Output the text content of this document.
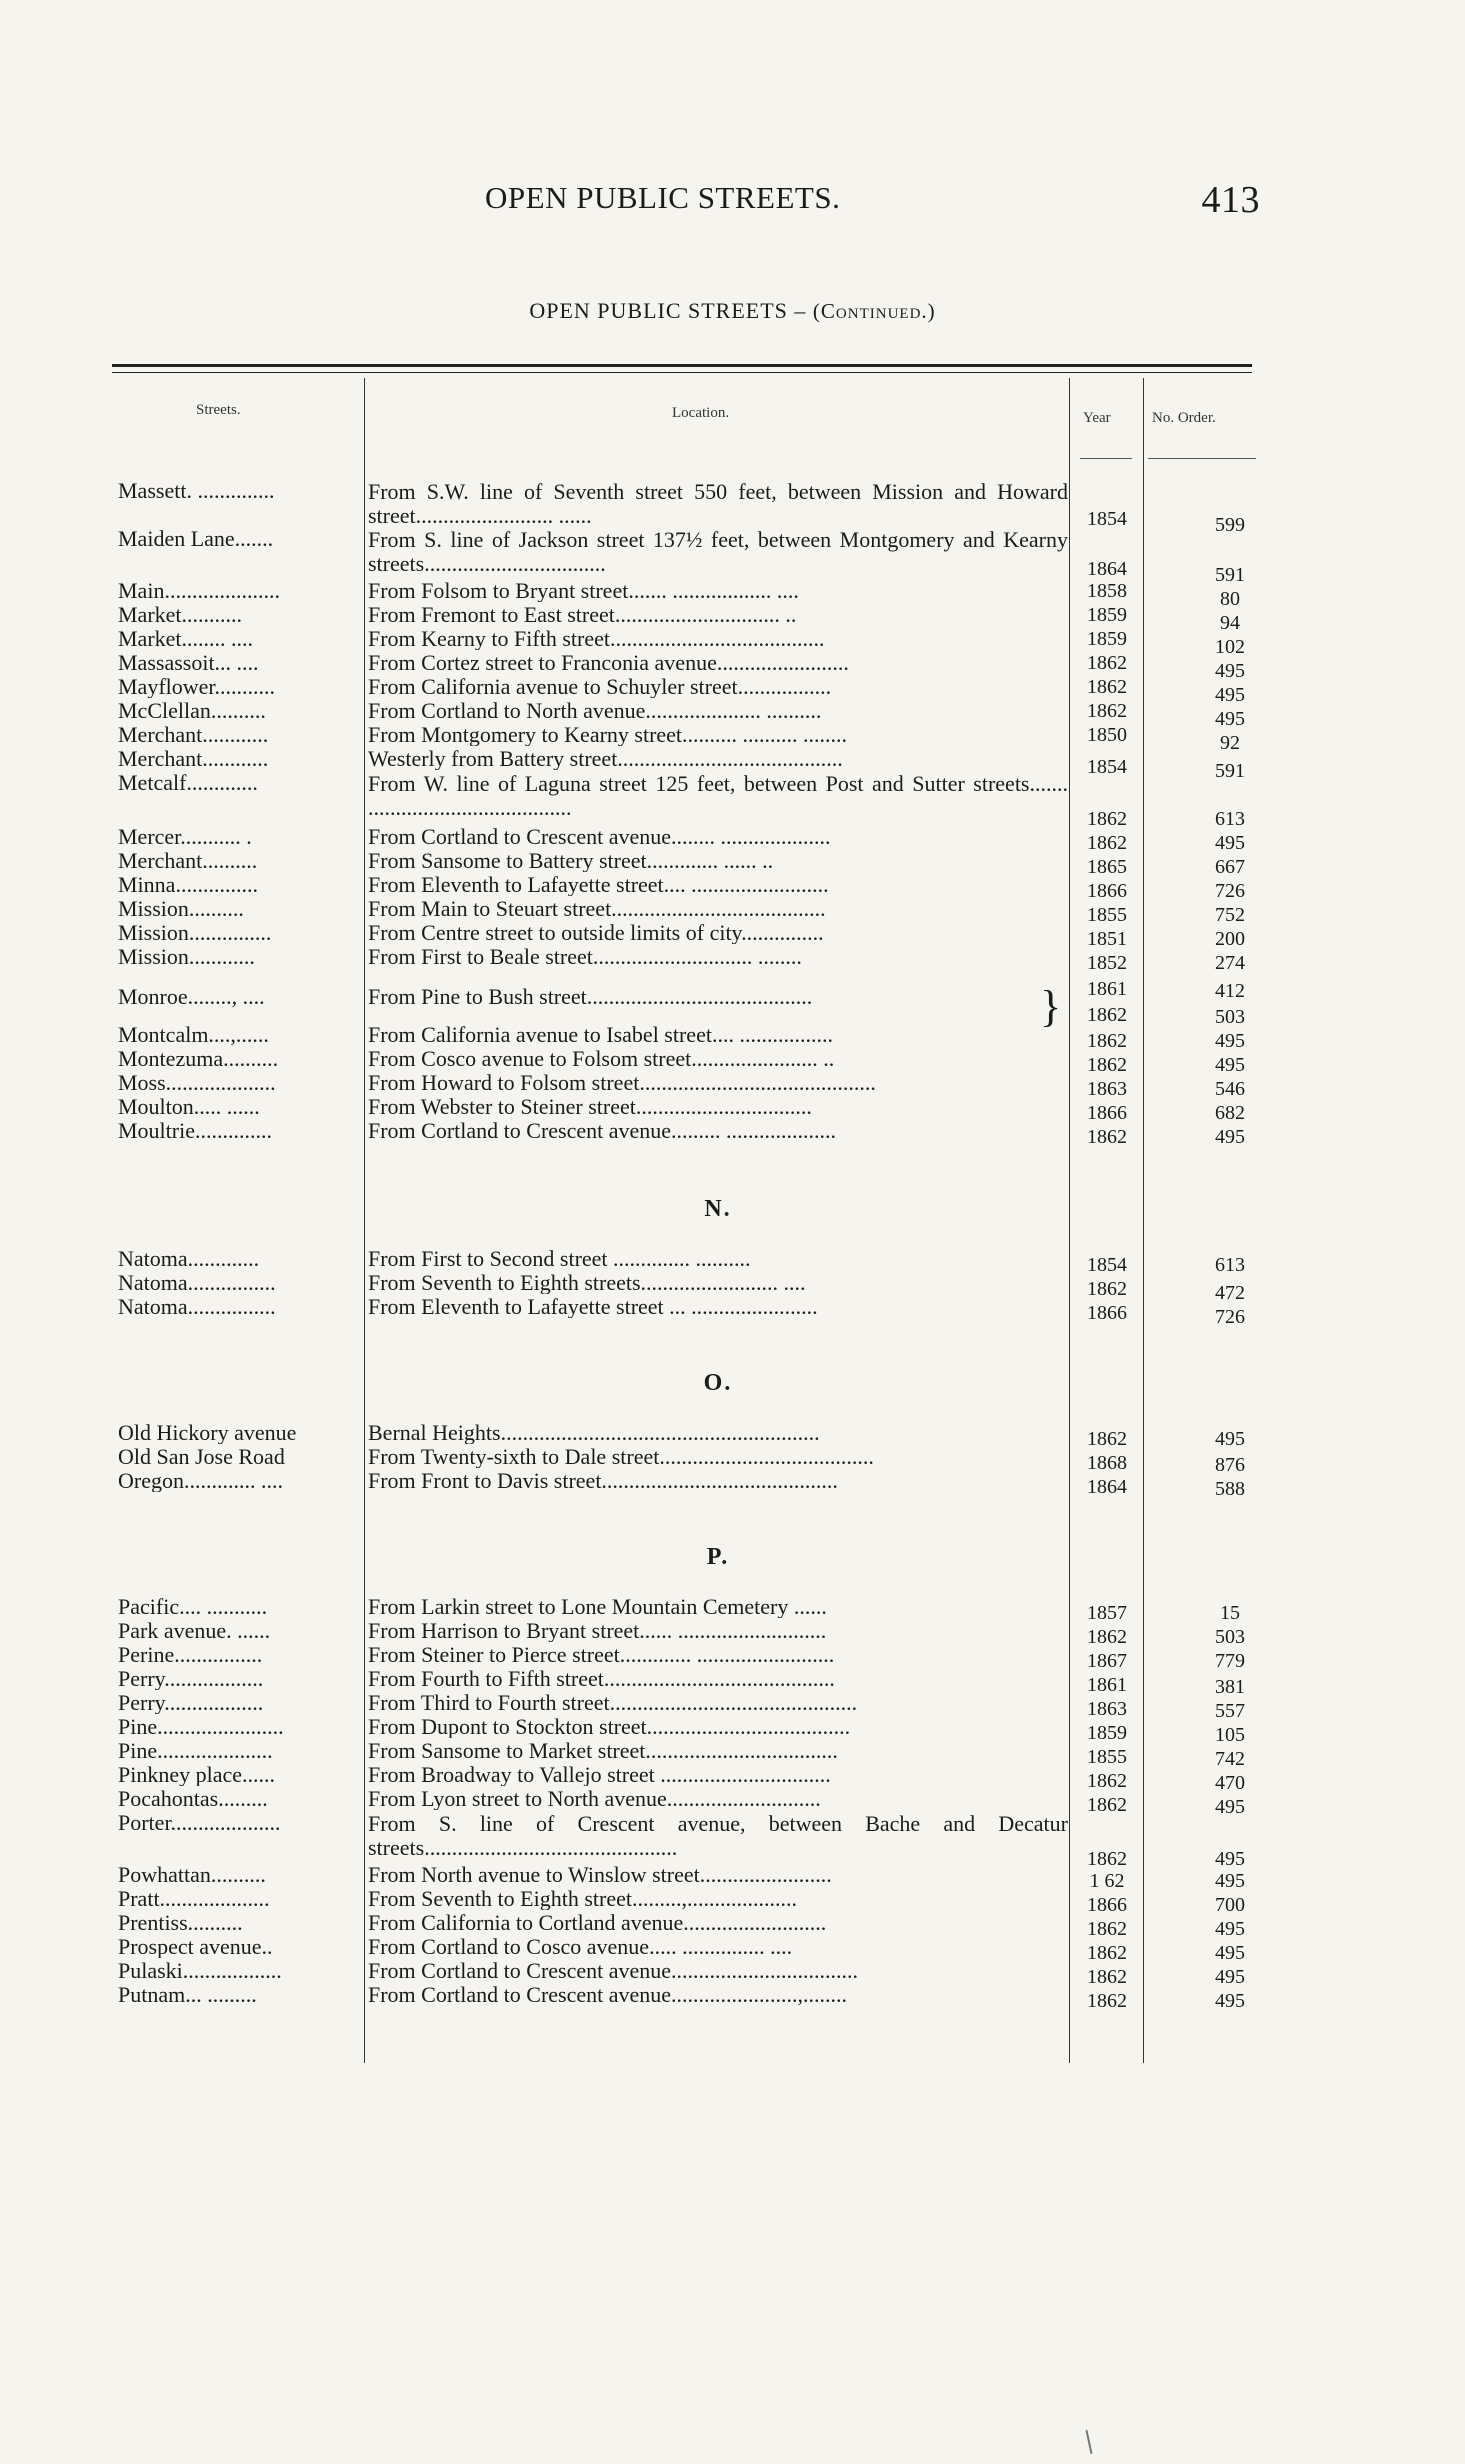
OPEN PUBLIC STREETS.	413
OPEN PUBLIC STREETS – (Continued.)
Streets.	Location.	Year	No. Order.
Massett. ..............	From S.W. line of Seventh street 550 feet, between Mission and Howard street......................... ......	1854	599
Maiden Lane.......	From S. line of Jackson street 137½ feet, between Montgomery and Kearny streets.................................	1864	591
Main.....................	From Folsom to Bryant street....... .................. ....	1858	80
Market...........	From Fremont to East street.............................. ..	1859	94
Market........ ....	From Kearny to Fifth street.......................................	1859	102
Massassoit... ....	From Cortez street to Franconia avenue........................	1862	495
Mayflower...........	From California avenue to Schuyler street.................	1862	495
McClellan..........	From Cortland to North avenue..................... ..........	1862	495
Merchant............	From Montgomery to Kearny street.......... .......... ........	1850	92
Merchant............	Westerly from Battery street.........................................	1854	591
Metcalf.............	From W. line of Laguna street 125 feet, between Post and Sutter streets....... .....................................	1862	613
Mercer........... .	From Cortland to Crescent avenue........ ....................	1862	495
Merchant..........	From Sansome to Battery street............. ...... ..	1865	667
Minna...............	From Eleventh to Lafayette street.... .........................	1866	726
Mission..........	From Main to Steuart street.......................................	1855	752
Mission...............	From Centre street to outside limits of city...............	1851	200
Mission............	From First to Beale street............................. ........	1852	274
Monroe........, ....	From Pine to Bush street.........................................	}	1861	412
1862	503
Montcalm....,......	From California avenue to Isabel street.... .................	1862	495
Montezuma..........	From Cosco avenue to Folsom street....................... ..	1862	495
Moss....................	From Howard to Folsom street...........................................	1863	546
Moulton..... ......	From Webster to Steiner street................................	1866	682
Moultrie..............	From Cortland to Crescent avenue......... ....................	1862	495
N.
Natoma.............	From First to Second street .............. ..........	1854	613
Natoma................	From Seventh to Eighth streets......................... ....	1862	472
Natoma................	From Eleventh to Lafayette street ... .......................	1866	726
O.
Old Hickory avenue	Bernal Heights..........................................................	1862	495
Old San Jose Road	From Twenty-sixth to Dale street.......................................	1868	876
Oregon............. ....	From Front to Davis street...........................................	1864	588
P.
Pacific.... ...........	From Larkin street to Lone Mountain Cemetery ......	1857	15
Park avenue. ......	From Harrison to Bryant street...... ...........................	1862	503
Perine................	From Steiner to Pierce street............. .........................	1867	779
Perry..................	From Fourth to Fifth street..........................................	1861	381
Perry..................	From Third to Fourth street.............................................	1863	557
Pine.......................	From Dupont to Stockton street.....................................	1859	105
Pine.....................	From Sansome to Market street...................................	1855	742
Pinkney place......	From Broadway to Vallejo street ...............................	1862	470
Pocahontas.........	From Lyon street to North avenue............................	1862	495
Porter....................	From S. line of Crescent avenue, between Bache and Decatur streets..............................................	1862	495
Powhattan..........	From North avenue to Winslow street........................	1 62	495
Pratt....................	From Seventh to Eighth street.........,....................	1866	700
Prentiss..........	From California to Cortland avenue..........................	1862	495
Prospect avenue..	From Cortland to Cosco avenue..... ............... ....	1862	495
Pulaski..................	From Cortland to Crescent avenue..................................	1862	495
Putnam... .........	From Cortland to Crescent avenue.......................,........	1862	495
